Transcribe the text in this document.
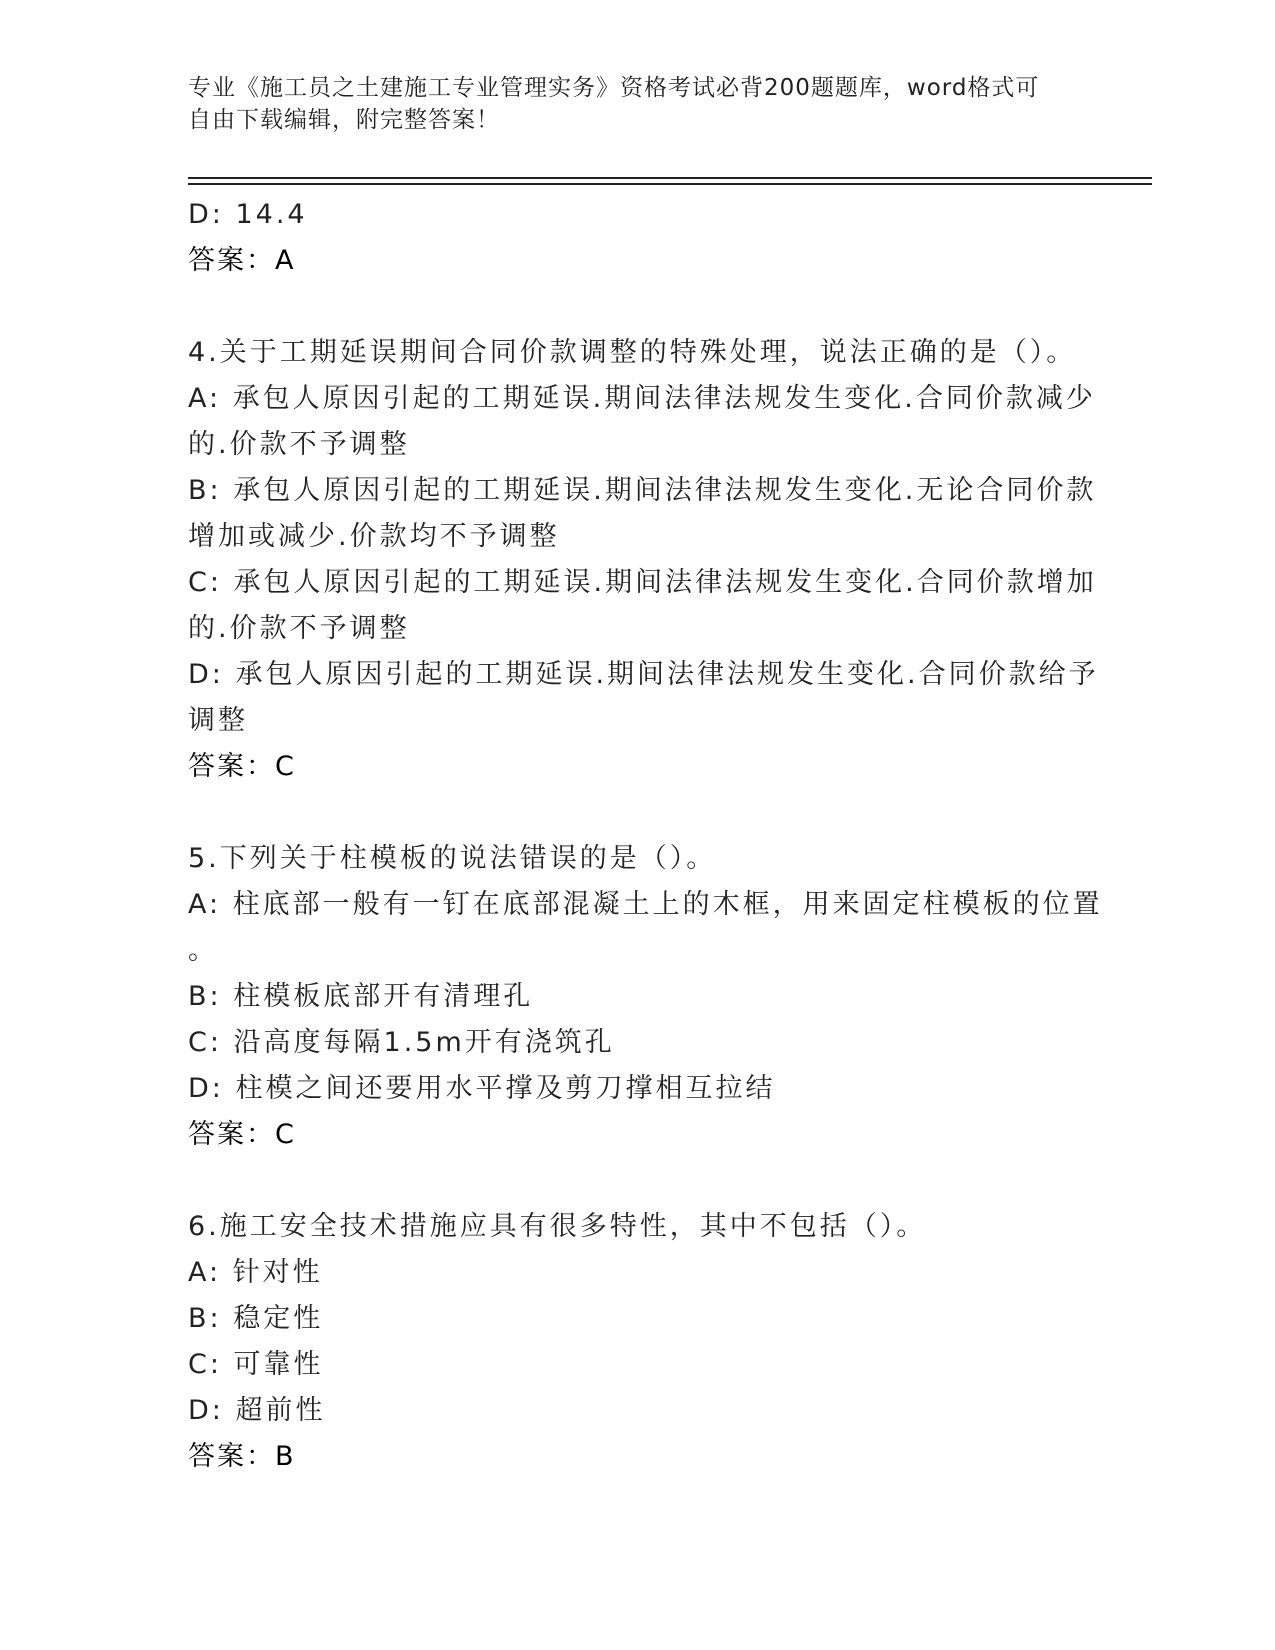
专业《施工员之土建施工专业管理实务》资格考试必背200题题库，word格式可
自由下载编辑，附完整答案！
D: 14.4
答案：A
4.关于工期延误期间合同价款调整的特殊处理，说法正确的是（）。
A: 承包人原因引起的工期延误.期间法律法规发生变化.合同价款减少
的.价款不予调整
B: 承包人原因引起的工期延误.期间法律法规发生变化.无论合同价款
增加或减少.价款均不予调整
C: 承包人原因引起的工期延误.期间法律法规发生变化.合同价款增加
的.价款不予调整
D: 承包人原因引起的工期延误.期间法律法规发生变化.合同价款给予
调整
答案：C
5.下列关于柱模板的说法错误的是（）。
A: 柱底部一般有一钉在底部混凝土上的木框，用来固定柱模板的位置
。
B: 柱模板底部开有清理孔
C: 沿高度每隔1.5m开有浇筑孔
D: 柱模之间还要用水平撑及剪刀撑相互拉结
答案：C
6.施工安全技术措施应具有很多特性，其中不包括（）。
A: 针对性
B: 稳定性
C: 可靠性
D: 超前性
答案：B
